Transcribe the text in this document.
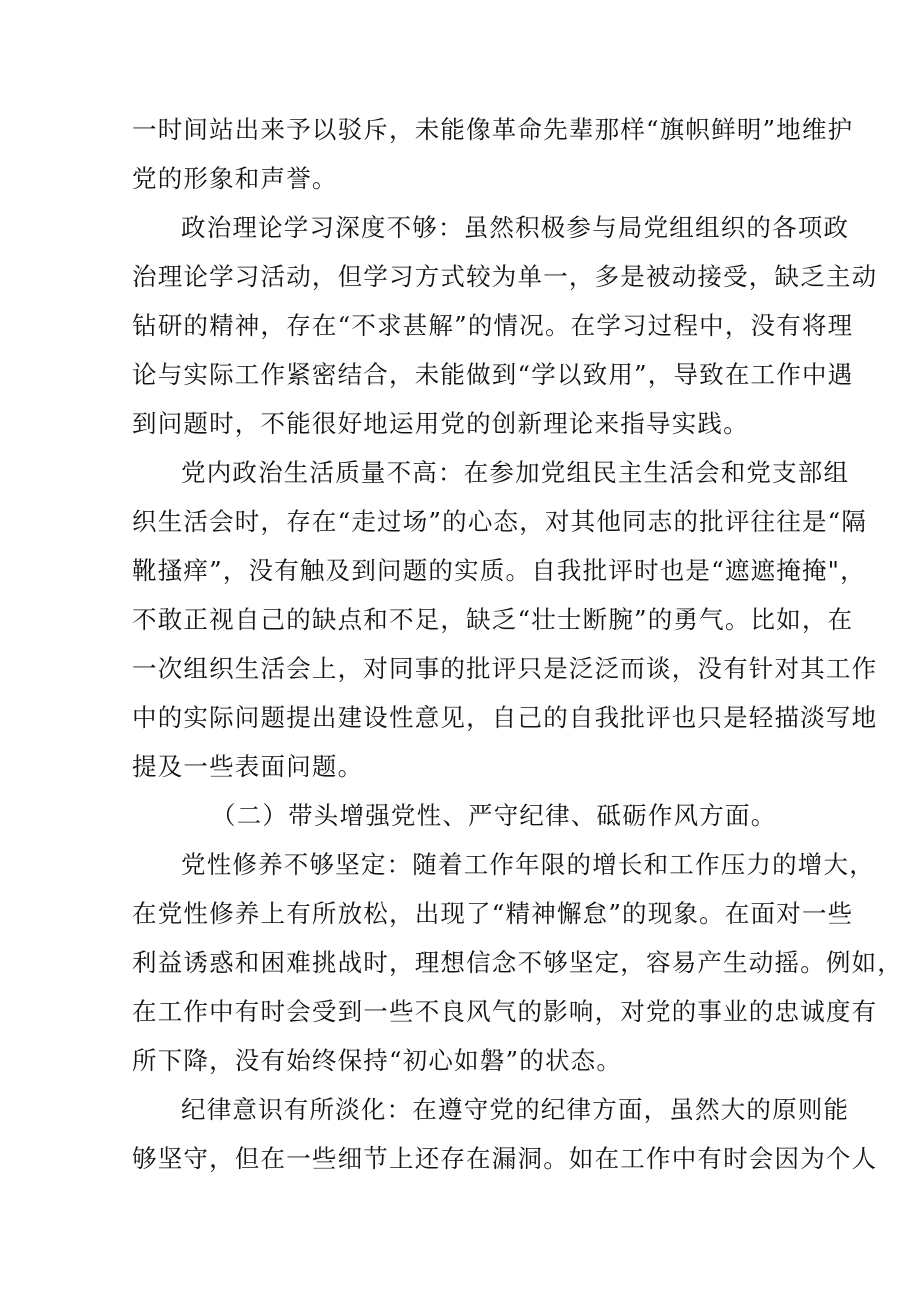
一时间站出来予以驳斥，未能像革命先辈那样“旗帜鲜明”地维护
党的形象和声誉。
政治理论学习深度不够：虽然积极参与局党组组织的各项政
治理论学习活动，但学习方式较为单一，多是被动接受，缺乏主动
钻研的精神，存在“不求甚解”的情况。在学习过程中，没有将理
论与实际工作紧密结合，未能做到“学以致用”，导致在工作中遇
到问题时，不能很好地运用党的创新理论来指导实践。
党内政治生活质量不高：在参加党组民主生活会和党支部组
织生活会时，存在“走过场”的心态，对其他同志的批评往往是“隔
靴搔痒”，没有触及到问题的实质。自我批评时也是“遮遮掩掩"，
不敢正视自己的缺点和不足，缺乏“壮士断腕”的勇气。比如，在
一次组织生活会上，对同事的批评只是泛泛而谈，没有针对其工作
中的实际问题提出建设性意见，自己的自我批评也只是轻描淡写地
提及一些表面问题。
（二）带头增强党性、严守纪律、砥砺作风方面。
党性修养不够坚定：随着工作年限的增长和工作压力的增大，
在党性修养上有所放松，出现了“精神懈怠”的现象。在面对一些
利益诱惑和困难挑战时，理想信念不够坚定，容易产生动摇。例如，
在工作中有时会受到一些不良风气的影响，对党的事业的忠诚度有
所下降，没有始终保持“初心如磐”的状态。
纪律意识有所淡化：在遵守党的纪律方面，虽然大的原则能
够坚守，但在一些细节上还存在漏洞。如在工作中有时会因为个人
